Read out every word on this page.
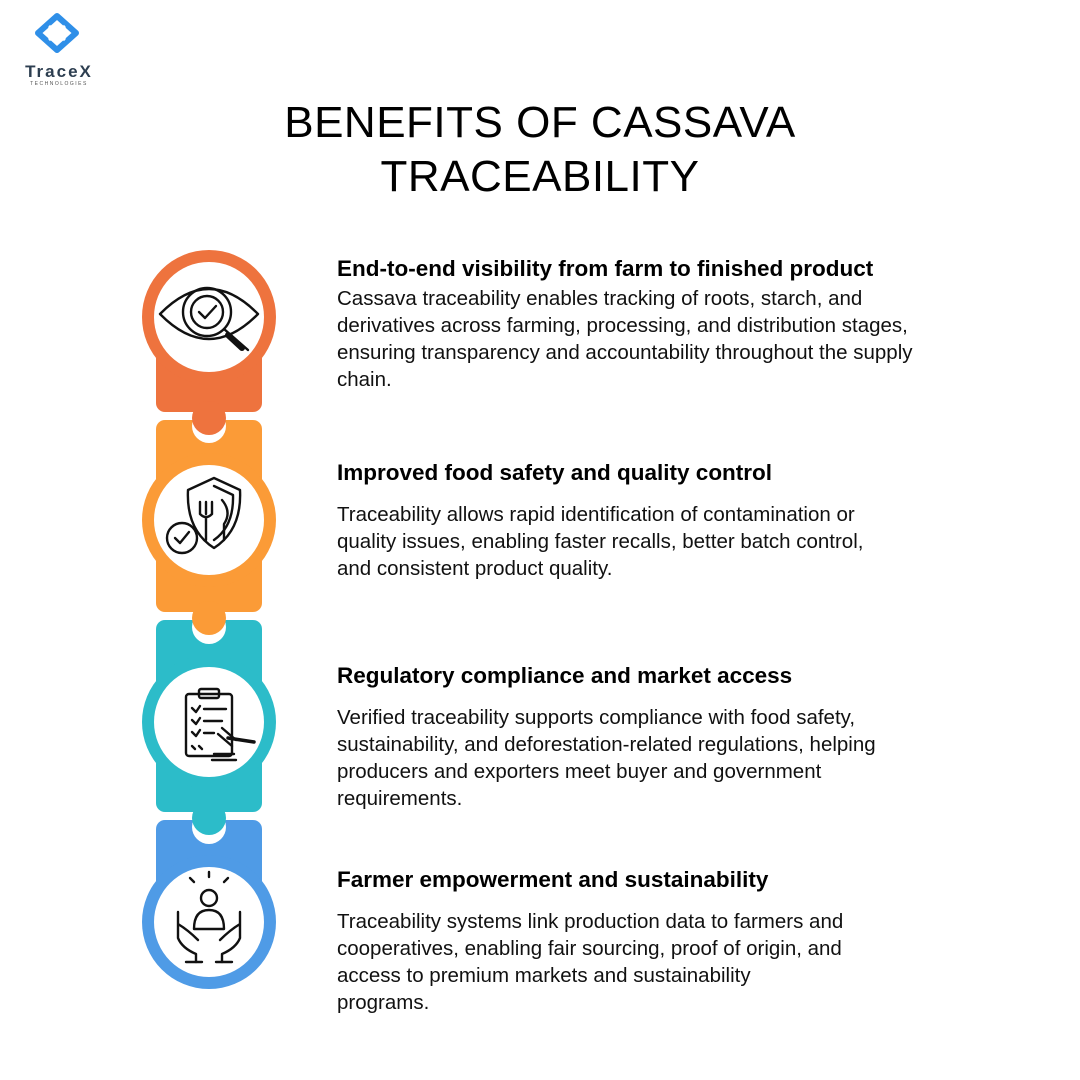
TraceX
TECHNOLOGIES
BENEFITS OF CASSAVA
TRACEABILITY
End-to-end visibility from farm to finished product

Cassava traceability enables tracking of roots, starch, and derivatives across farming, processing, and distribution stages, ensuring transparency and accountability throughout the supply chain.

Improved food safety and quality control

Traceability allows rapid identification of contamination or quality issues, enabling faster recalls, better batch control, and consistent product quality.

Regulatory compliance and market access

Verified traceability supports compliance with food safety, sustainability, and deforestation-related regulations, helping producers and exporters meet buyer and government requirements.

Farmer empowerment and sustainability

Traceability systems link production data to farmers and cooperatives, enabling fair sourcing, proof of origin, and access to premium markets and sustainability programs.
